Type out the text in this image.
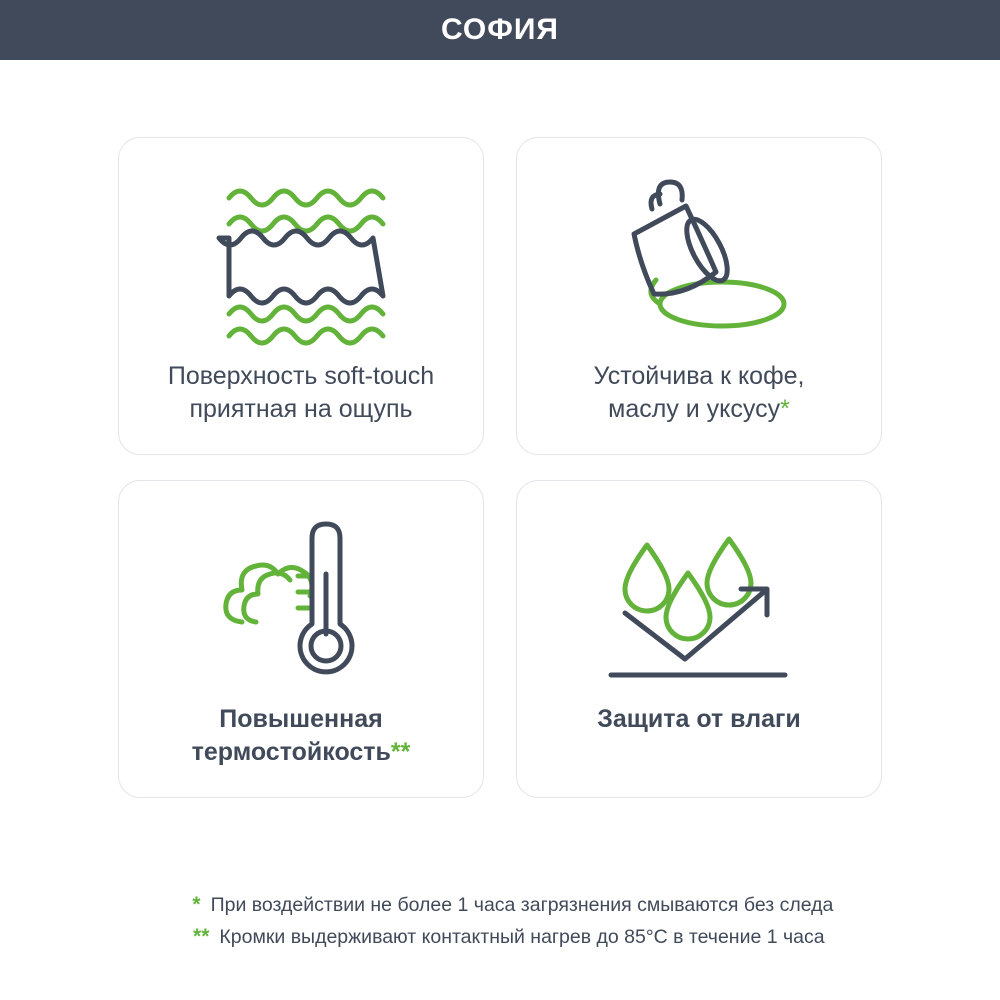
СОФИЯ
Поверхность soft-touch
приятная на ощупь
Устойчива к кофе,
маслу и уксусу*
Повышенная
термостойкость**
Защита от влаги
* При воздействии не более 1 часа загрязнения смываются без следа
** Кромки выдерживают контактный нагрев до 85°C в течение 1 часа
